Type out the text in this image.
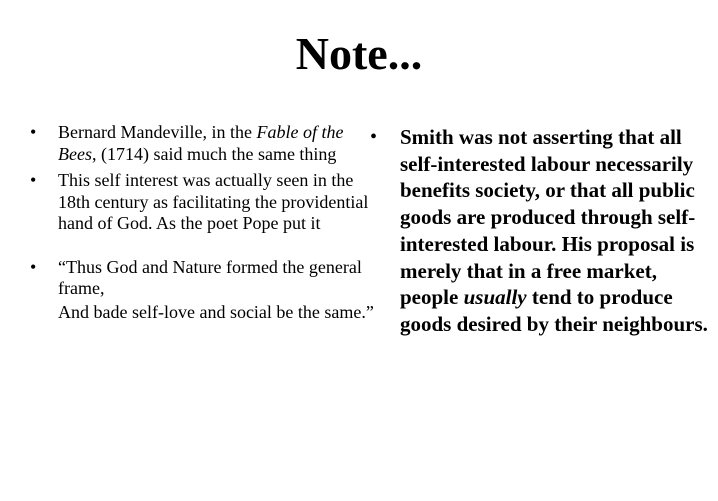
Note...
• Bernard Mandeville, in the Fable of the Bees, (1714) said much the same thing
• This self interest was actually seen in the 18th century as facilitating the providential hand of God. As the poet Pope put it
• “Thus God and Nature formed the general frame,
And bade self-love and social be the same.”
•	Smith was not asserting that all self-interested labour necessarily benefits society, or that all public goods are produced through self-interested labour. His proposal is merely that in a free market, people usually tend to produce goods desired by their neighbours.
